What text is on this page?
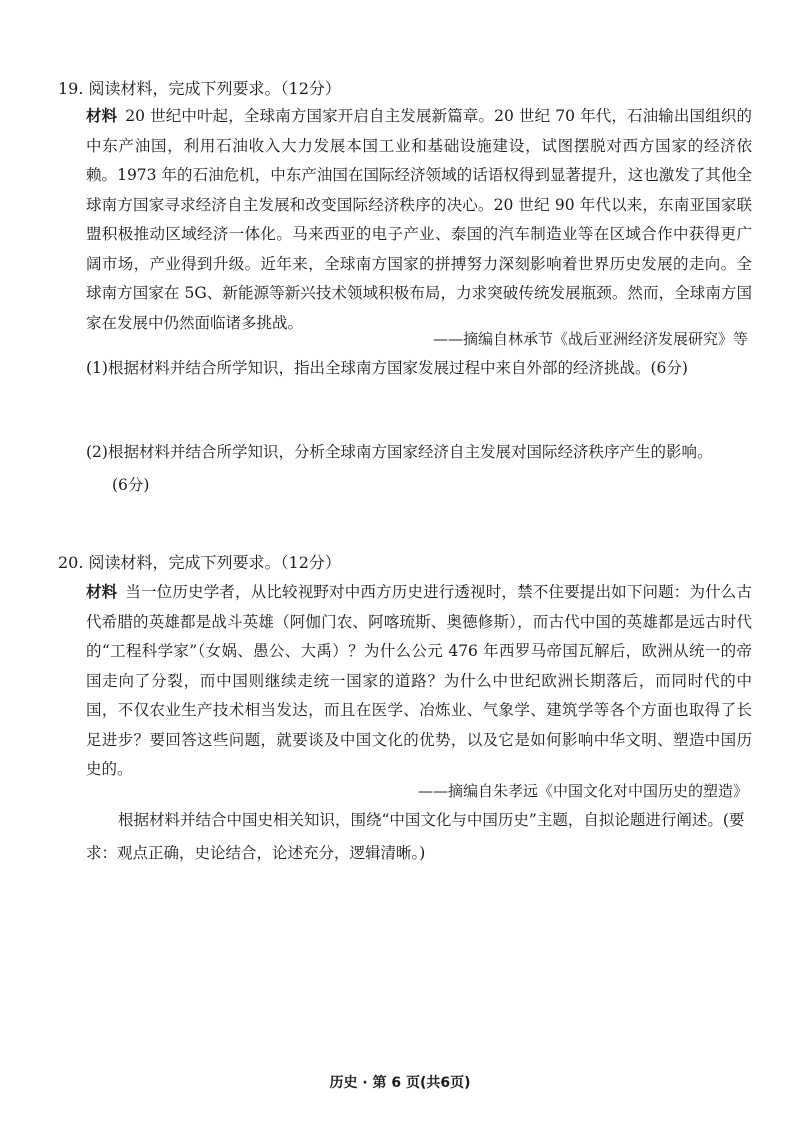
19. 阅读材料，完成下列要求。（12分）
材料 20 世纪中叶起，全球南方国家开启自主发展新篇章。20 世纪 70 年代，石油输出国组织的中东产油国，利用石油收入大力发展本国工业和基础设施建设，试图摆脱对西方国家的经济依赖。1973 年的石油危机，中东产油国在国际经济领域的话语权得到显著提升，这也激发了其他全球南方国家寻求经济自主发展和改变国际经济秩序的决心。20 世纪 90 年代以来，东南亚国家联盟积极推动区域经济一体化。马来西亚的电子产业、泰国的汽车制造业等在区域合作中获得更广阔市场，产业得到升级。近年来，全球南方国家的拼搏努力深刻影响着世界历史发展的走向。全球南方国家在 5G、新能源等新兴技术领域积极布局，力求突破传统发展瓶颈。然而，全球南方国家在发展中仍然面临诸多挑战。
——摘编自林承节《战后亚洲经济发展研究》等
(1)根据材料并结合所学知识，指出全球南方国家发展过程中来自外部的经济挑战。(6分)
(2)根据材料并结合所学知识，分析全球南方国家经济自主发展对国际经济秩序产生的影响。
(6分)
20. 阅读材料，完成下列要求。（12分）
材料 当一位历史学者，从比较视野对中西方历史进行透视时，禁不住要提出如下问题：为什么古代希腊的英雄都是战斗英雄（阿伽门农、阿喀琉斯、奥德修斯），而古代中国的英雄都是远古时代的“工程科学家”（女娲、愚公、大禹）？为什么公元 476 年西罗马帝国瓦解后，欧洲从统一的帝国走向了分裂，而中国则继续走统一国家的道路？为什么中世纪欧洲长期落后，而同时代的中国，不仅农业生产技术相当发达，而且在医学、冶炼业、气象学、建筑学等各个方面也取得了长足进步？要回答这些问题，就要谈及中国文化的优势，以及它是如何影响中华文明、塑造中国历史的。
——摘编自朱孝远《中国文化对中国历史的塑造》
根据材料并结合中国史相关知识，围绕“中国文化与中国历史”主题，自拟论题进行阐述。(要求：观点正确，史论结合，论述充分，逻辑清晰。)
历史 · 第 6 页(共6页)
